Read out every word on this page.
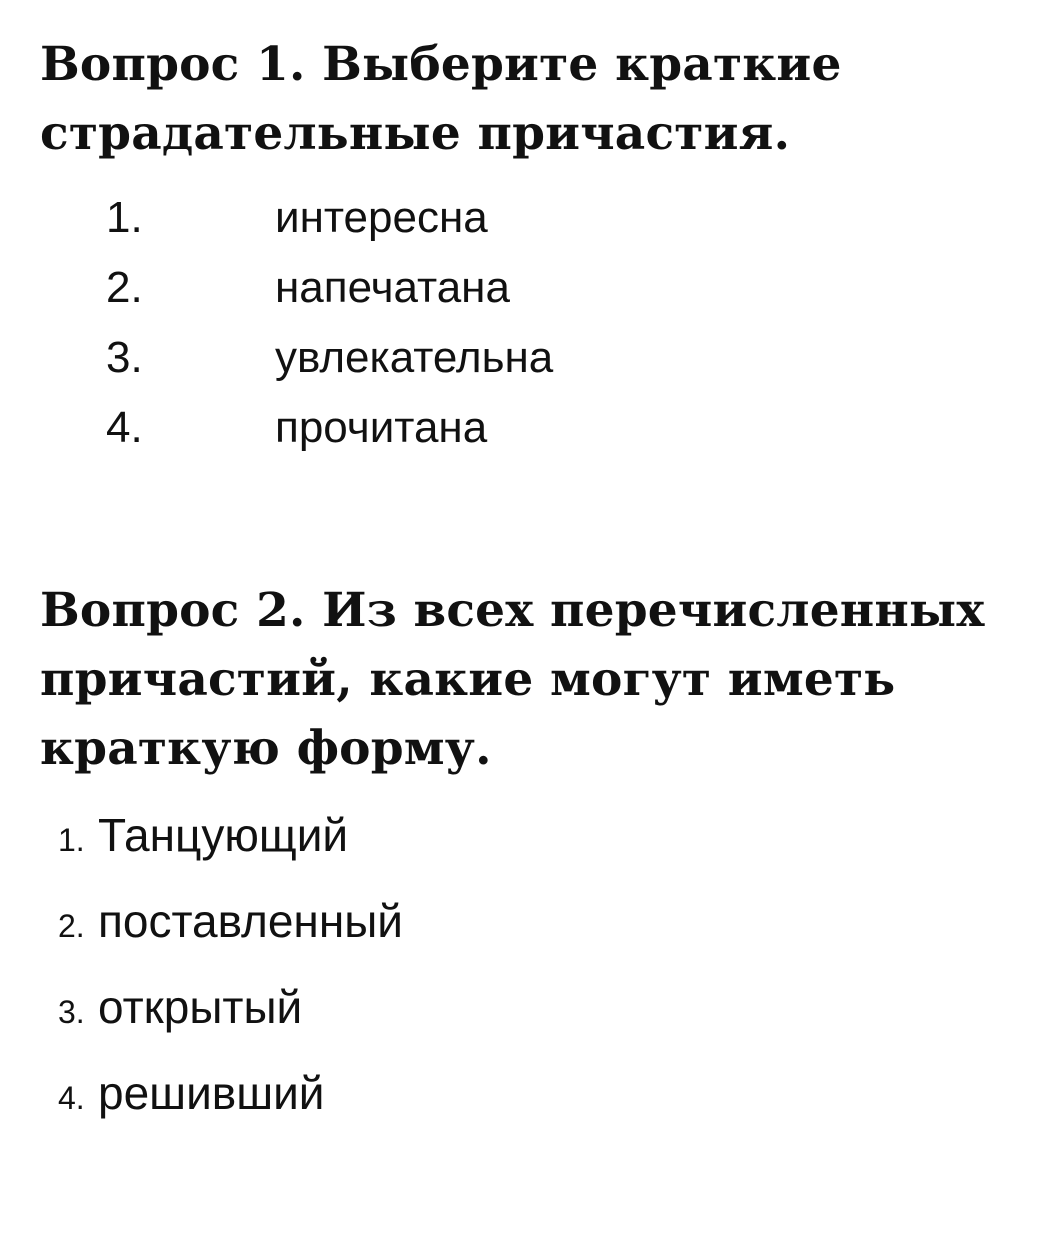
Вопрос 1. Выберите краткие страдательные причастия.
1.	интересна
2.	напечатана
3.	увлекательна
4.	прочитана
Вопрос 2. Из всех перечисленных причастий, какие могут иметь краткую форму.
1. Танцующий
2. поставленный
3. открытый
4. решивший
